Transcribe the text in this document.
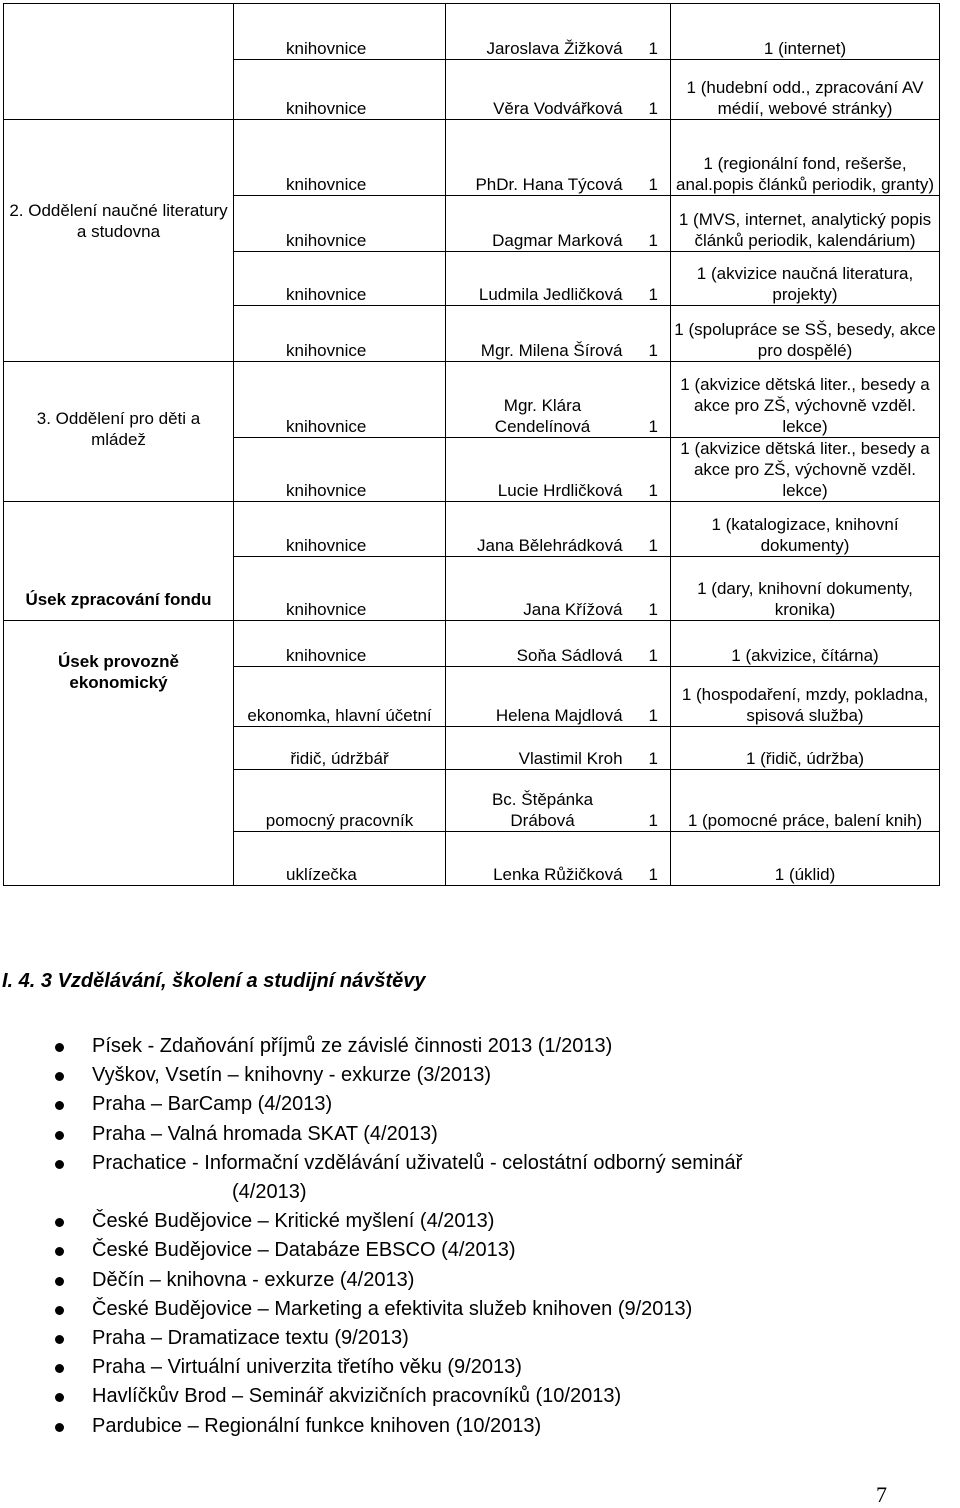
	knihovnice	Jaroslava Žižková 1	1 (internet)

	knihovnice	Věra Vodvářková 1	1 (hudební odd., zpracování AV médií, webové stránky)

2. Oddělení naučné literatury a studovna	knihovnice	PhDr. Hana Týcová 1	1 (regionální fond, rešerše, anal.popis článků periodik, granty)

	knihovnice	Dagmar Marková 1	1 (MVS, internet, analytický popis článků periodik, kalendárium)

	knihovnice	Ludmila Jedličková 1	1 (akvizice naučná literatura, projekty)

	knihovnice	Mgr. Milena Šírová 1	1 (spolupráce se SŠ, besedy, akce pro dospělé)

3. Oddělení pro děti a mládež	knihovnice	Mgr. Klára Cendelínová 1	1 (akvizice dětská liter., besedy a akce pro ZŠ, výchovně vzděl. lekce)

	knihovnice	Lucie Hrdličková 1	1 (akvizice dětská liter., besedy a akce pro ZŠ, výchovně vzděl. lekce)

Úsek zpracování fondu	knihovnice	Jana Bělehrádková 1	1 (katalogizace, knihovní dokumenty)

	knihovnice	Jana Křížová 1	1 (dary, knihovní dokumenty, kronika)

Úsek provozně ekonomický	knihovnice	Soňa Sádlová 1	1 (akvizice, čítárna)

	ekonomka, hlavní účetní	Helena Majdlová 1	1 (hospodaření, mzdy, pokladna, spisová služba)

	řidič, údržbář	Vlastimil Kroh 1	1 (řidič, údržba)

	pomocný pracovník	Bc. Štěpánka Drábová 1	1 (pomocné práce, balení knih)

	uklízečka	Lenka Růžičková 1	1 (úklid)
I. 4. 3 Vzdělávání, školení a studijní návštěvy
Písek - Zdaňování příjmů ze závislé činnosti 2013 (1/2013)
Vyškov, Vsetín – knihovny - exkurze (3/2013)
Praha – BarCamp (4/2013)
Praha – Valná hromada SKAT (4/2013)
Prachatice - Informační vzdělávání uživatelů - celostátní odborný seminář
(4/2013)
České Budějovice – Kritické myšlení (4/2013)
České Budějovice – Databáze EBSCO (4/2013)
Děčín – knihovna - exkurze (4/2013)
České Budějovice – Marketing a efektivita služeb knihoven (9/2013)
Praha – Dramatizace textu (9/2013)
Praha – Virtuální univerzita třetího věku (9/2013)
Havlíčkův Brod – Seminář akvizičních pracovníků (10/2013)
Pardubice – Regionální funkce knihoven (10/2013)
7
